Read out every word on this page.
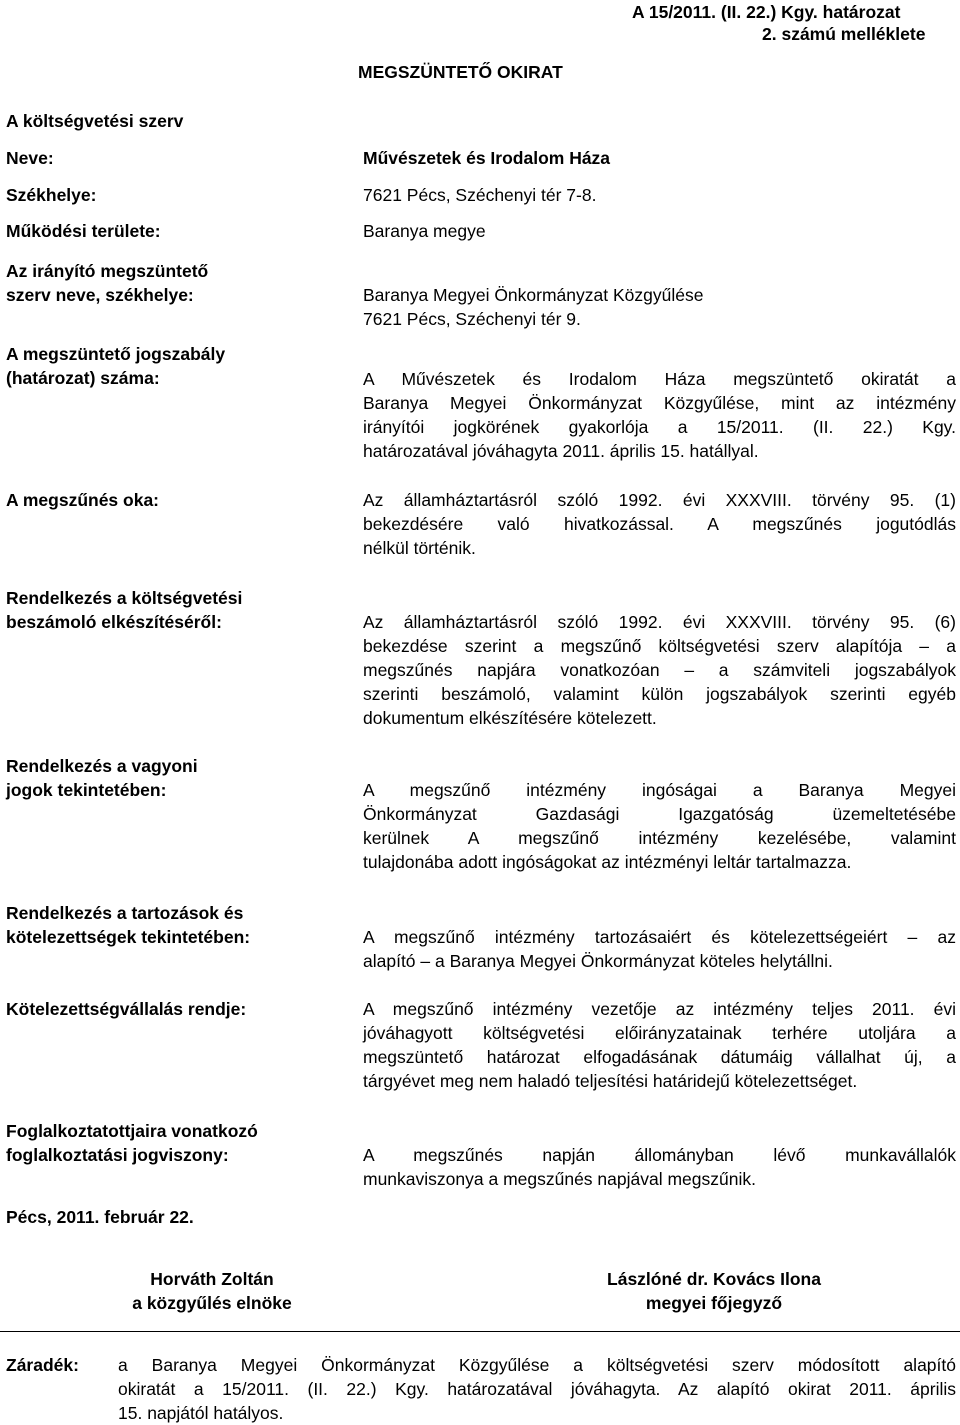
A 15/2011. (II. 22.) Kgy. határozat
2. számú melléklete
MEGSZÜNTETŐ OKIRAT
A költségvetési szerv
Neve:	Művészetek és Irodalom Háza
Székhelye:	7621 Pécs, Széchenyi tér 7-8.
Működési területe:	Baranya megye
Az irányító megszüntető
szerv neve, székhelye:	Baranya Megyei Önkormányzat Közgyűlése
7621 Pécs, Széchenyi tér 9.
A megszüntető jogszabály
(határozat) száma:	A Művészetek és Irodalom Háza megszüntető okiratát a
Baranya Megyei Önkormányzat Közgyűlése, mint az intézmény
irányítói jogkörének gyakorlója a 15/2011. (II. 22.) Kgy.
határozatával jóváhagyta 2011. április 15. hatállyal.
A megszűnés oka:	Az államháztartásról szóló 1992. évi XXXVIII. törvény 95. (1)
bekezdésére való hivatkozással. A megszűnés jogutódlás
nélkül történik.
Rendelkezés a költségvetési
beszámoló elkészítéséről:	Az államháztartásról szóló 1992. évi XXXVIII. törvény 95. (6)
bekezdése szerint a megszűnő költségvetési szerv alapítója – a
megszűnés napjára vonatkozóan – a számviteli jogszabályok
szerinti beszámoló, valamint külön jogszabályok szerinti egyéb
dokumentum elkészítésére kötelezett.
Rendelkezés a vagyoni
jogok tekintetében:	A megszűnő intézmény ingóságai a Baranya Megyei
Önkormányzat Gazdasági Igazgatóság üzemeltetésébe
kerülnek A megszűnő intézmény kezelésébe, valamint
tulajdonába adott ingóságokat az intézményi leltár tartalmazza.
Rendelkezés a tartozások és
kötelezettségek tekintetében:	A megszűnő intézmény tartozásaiért és kötelezettségeiért – az
alapító – a Baranya Megyei Önkormányzat köteles helytállni.
Kötelezettségvállalás rendje:	A megszűnő intézmény vezetője az intézmény teljes 2011. évi
jóváhagyott költségvetési előirányzatainak terhére utoljára a
megszüntető határozat elfogadásának dátumáig vállalhat új, a
tárgyévet meg nem haladó teljesítési határidejű kötelezettséget.
Foglalkoztatottjaira vonatkozó
foglalkoztatási jogviszony:	A megszűnés napján állományban lévő munkavállalók
munkaviszonya a megszűnés napjával megszűnik.
Pécs, 2011. február 22.
Horváth Zoltán
a közgyűlés elnöke
Lászlóné dr. Kovács Ilona
megyei főjegyző
Záradék: a Baranya Megyei Önkormányzat Közgyűlése a költségvetési szerv módosított alapító
okiratát a 15/2011. (II. 22.) Kgy. határozatával jóváhagyta. Az alapító okirat 2011. április
15. napjától hatályos.
